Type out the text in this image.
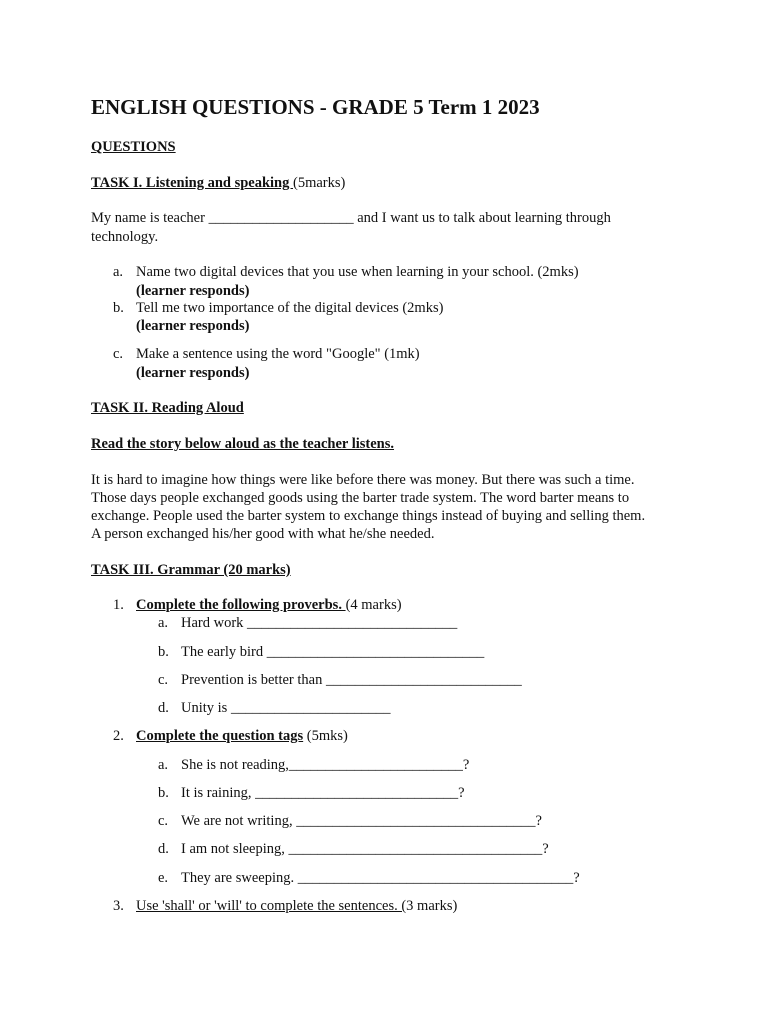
ENGLISH QUESTIONS - GRADE 5 Term 1 2023
QUESTIONS
TASK I. Listening and speaking (5marks)
My name is teacher ____________________ and I want us to talk about learning through
technology.
a. Name two digital devices that you use when learning in your school. (2mks)
(learner responds)
b. Tell me two importance of the digital devices (2mks)
(learner responds)
c. Make a sentence using the word "Google" (1mk)
(learner responds)
TASK II. Reading Aloud
Read the story below aloud as the teacher listens.
It is hard to imagine how things were like before there was money. But there was such a time.
Those days people exchanged goods using the barter trade system. The word barter means to
exchange. People used the barter system to exchange things instead of buying and selling them.
A person exchanged his/her good with what he/she needed.
TASK III. Grammar (20 marks)
1. Complete the following proverbs. (4 marks)
a. Hard work _____________________________
b. The early bird ______________________________
c. Prevention is better than ___________________________
d. Unity is ______________________
2. Complete the question tags (5mks)
a. She is not reading,________________________?
b. It is raining, ____________________________?
c. We are not writing, _________________________________?
d. I am not sleeping, ___________________________________?
e. They are sweeping. ______________________________________?
3. Use 'shall' or 'will' to complete the sentences. (3 marks)
